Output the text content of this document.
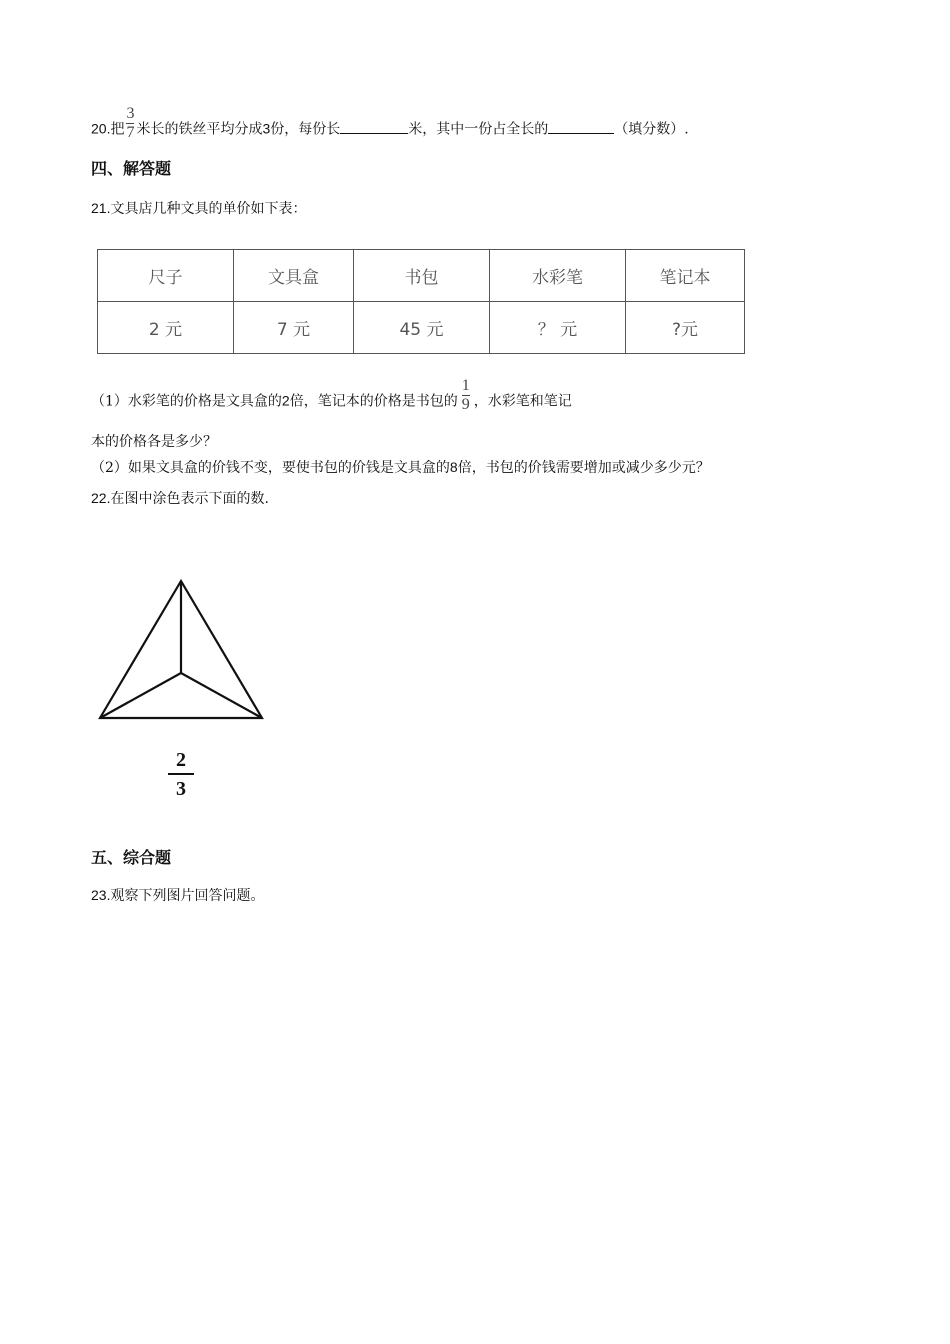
20.把 $\frac{3}{7}$ 米长的铁丝平均分成3份，每份长	米，其中一份占全长的	（填分数）.
四、解答题
21.文具店几种文具的单价如下表：
尺子	文具盒	书包	水彩笔	笔记本
2 元	7 元	45 元	？ 元	?元
（1）水彩笔的价格是文具盒的2倍，笔记本的价格是书包的 $\frac{1}{9}$ ，水彩笔和笔记
本的价格各是多少？
（2）如果文具盒的价钱不变，要使书包的价钱是文具盒的8倍，书包的价钱需要增加或减少多少元？
22.在图中涂色表示下面的数.
2
3
五、综合题
23.观察下列图片回答问题。
